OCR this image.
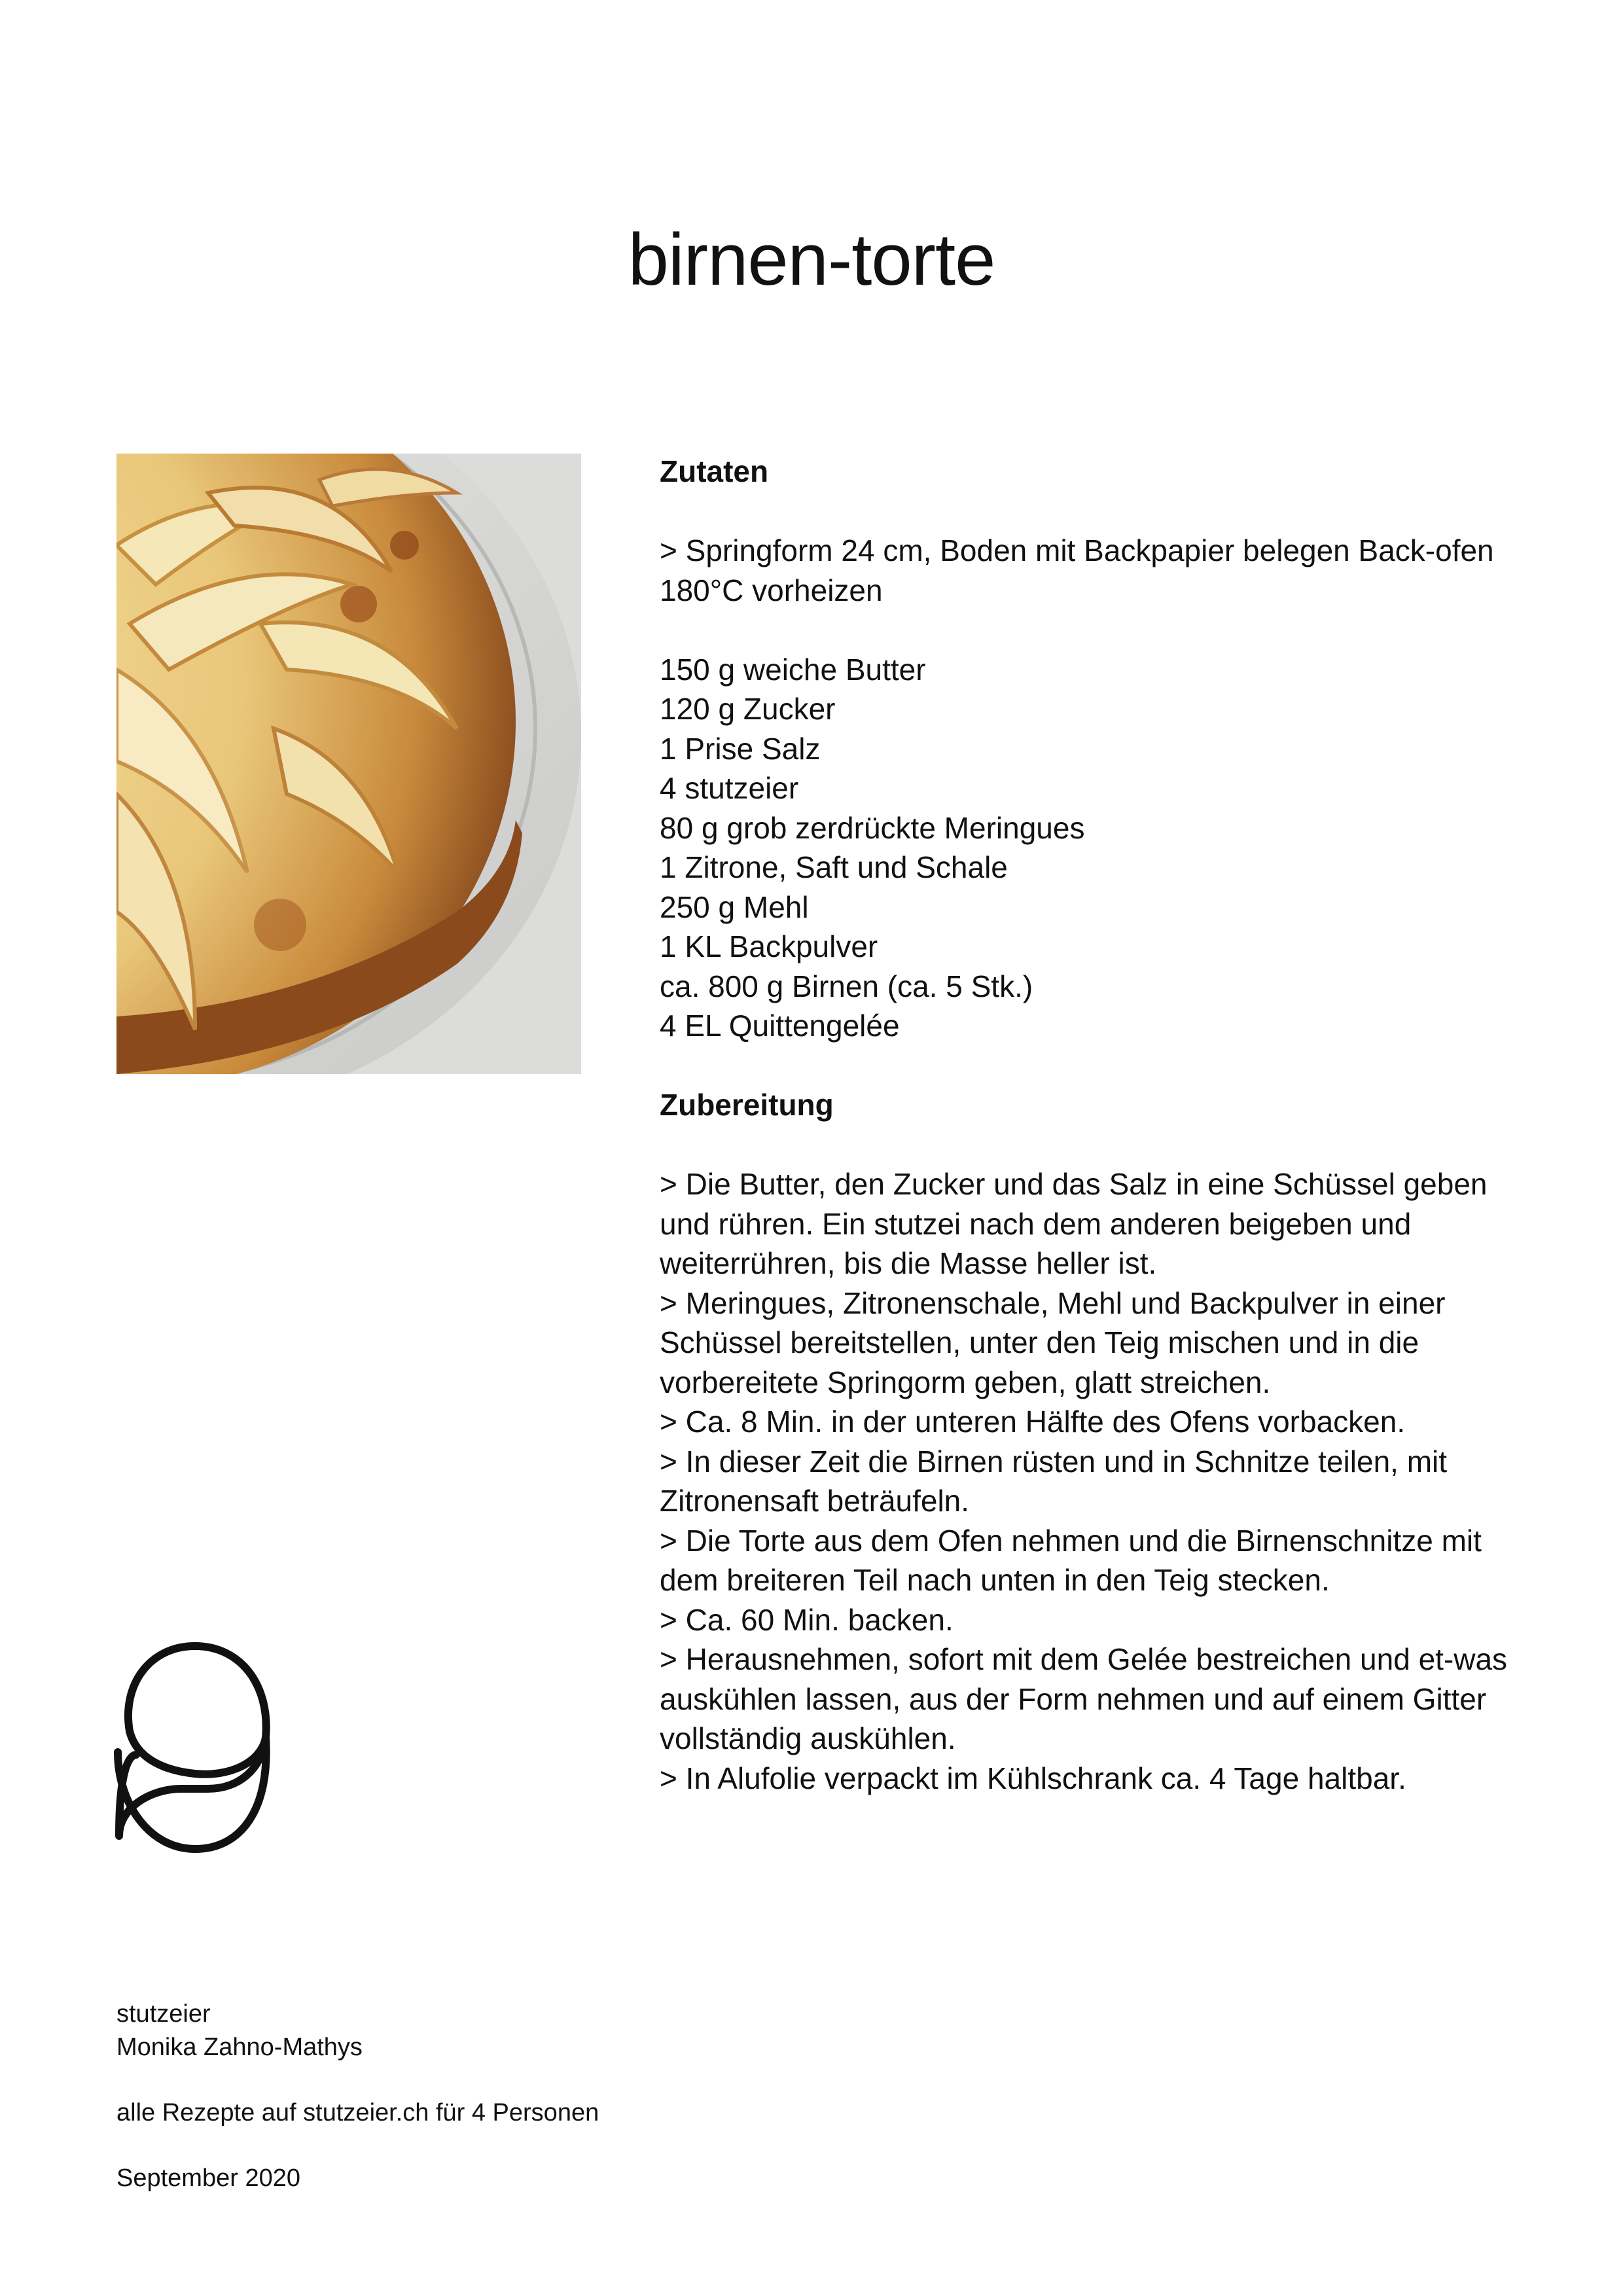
birnen-torte
Zutaten

> Springform 24 cm, Boden mit Backpapier belegen Back-ofen 180°C vorheizen

150 g weiche Butter
120 g Zucker
1 Prise Salz
4 stutzeier
80 g grob zerdrückte Meringues
1 Zitrone, Saft und Schale
250 g Mehl
1 KL Backpulver
ca. 800 g Birnen (ca. 5 Stk.)
4 EL Quittengelée
Zubereitung

> Die Butter, den Zucker und das Salz in eine Schüssel geben und rühren. Ein stutzei nach dem anderen beigeben und weiterrühren, bis die Masse heller ist.

> Meringues, Zitronenschale, Mehl und Backpulver in einer Schüssel bereitstellen, unter den Teig mischen und in die vorbereitete Springorm geben, glatt streichen.

> Ca. 8 Min. in der unteren Hälfte des Ofens vorbacken.

> In dieser Zeit die Birnen rüsten und in Schnitze teilen, mit Zitronensaft beträufeln.

> Die Torte aus dem Ofen nehmen und die Birnenschnitze mit dem breiteren Teil nach unten in den Teig stecken.

> Ca. 60 Min. backen.

> Herausnehmen, sofort mit dem Gelée bestreichen und et-was auskühlen lassen, aus der Form nehmen und auf einem Gitter vollständig auskühlen.

> In Alufolie verpackt im Kühlschrank ca. 4 Tage haltbar.

stutzeier

Monika Zahno-Mathys

alle Rezepte auf stutzeier.ch für 4 Personen

September 2020
